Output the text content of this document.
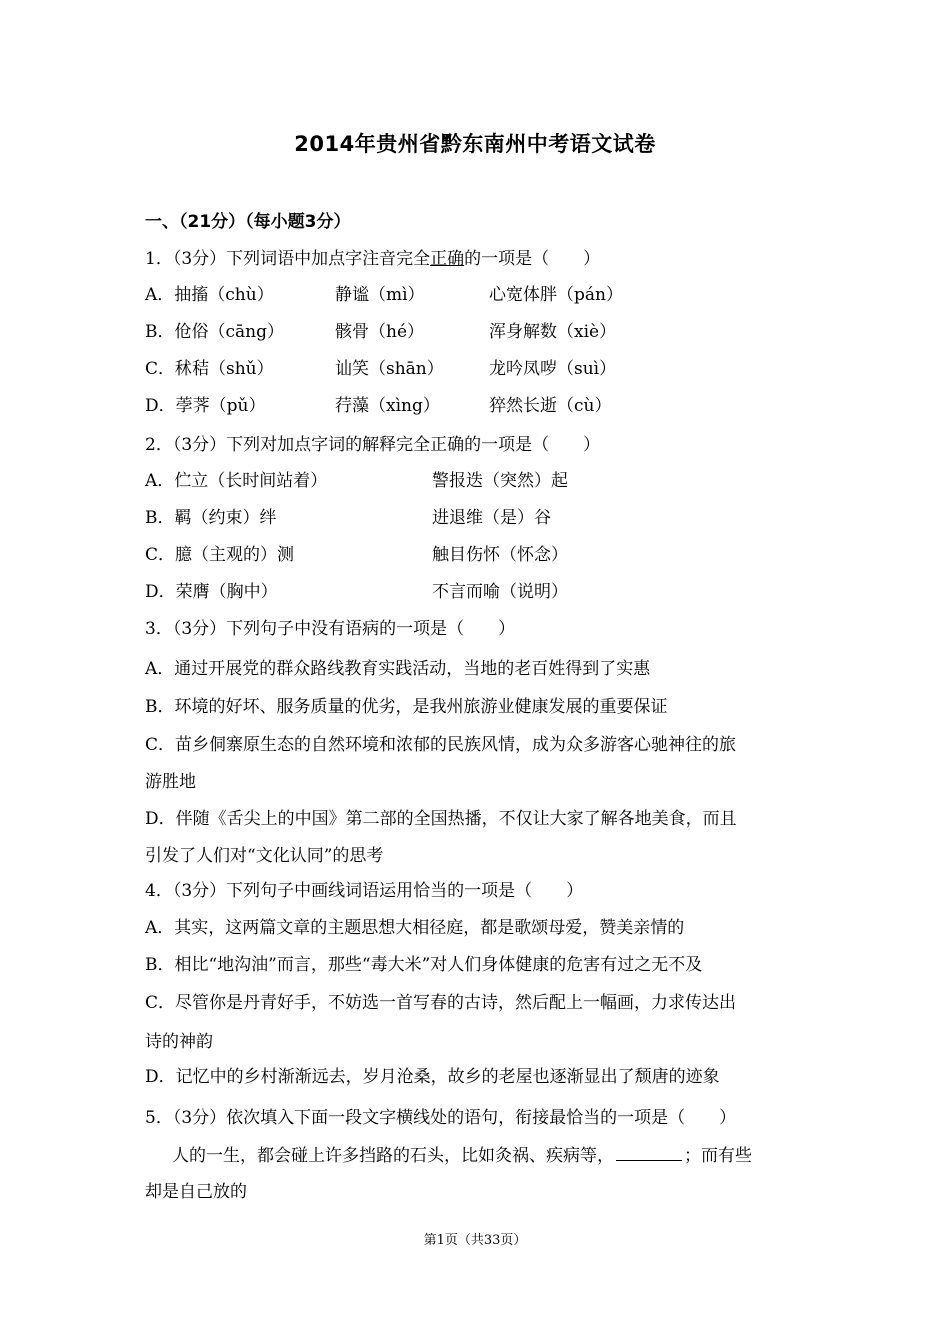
2014年贵州省黔东南州中考语文试卷
一、（21分）（每小题3分）
1．（3分）下列词语中加点字注音完全正确的一项是（　　）
A．抽搐（chù）	静谧（mì）	心宽体胖（pán）
B．伧俗（cāng）	骸骨（hé）	浑身解数（xiè）
C．秫秸（shǔ）	讪笑（shān）	龙吟凤哕（suì）
D．荸荠（pǔ）	荇藻（xìng）	猝然长逝（cù）
2．（3分）下列对加点字词的解释完全正确的一项是（　　）
A．伫立（长时间站着）	警报迭（突然）起
B．羁（约束）绊	进退维（是）谷
C．臆（主观的）测	触目伤怀（怀念）
D．荣膺（胸中）	不言而喻（说明）
3．（3分）下列句子中没有语病的一项是（　　）
A．通过开展党的群众路线教育实践活动，当地的老百姓得到了实惠
B．环境的好坏、服务质量的优劣，是我州旅游业健康发展的重要保证
C．苗乡侗寨原生态的自然环境和浓郁的民族风情，成为众多游客心驰神往的旅
游胜地
D．伴随《舌尖上的中国》第二部的全国热播，不仅让大家了解各地美食，而且
引发了人们对“文化认同”的思考
4．（3分）下列句子中画线词语运用恰当的一项是（　　）
A．其实，这两篇文章的主题思想大相径庭，都是歌颂母爱，赞美亲情的
B．相比“地沟油”而言，那些“毒大米”对人们身体健康的危害有过之无不及
C．尽管你是丹青好手，不妨选一首写春的古诗，然后配上一幅画，力求传达出
诗的神韵
D．记忆中的乡村渐渐远去，岁月沧桑，故乡的老屋也逐渐显出了颓唐的迹象
5．（3分）依次填入下面一段文字横线处的语句，衔接最恰当的一项是（　　）
人的一生，都会碰上许多挡路的石头，比如灸祸、疾病等，	；而有些
却是自己放的
第1页（共33页）
